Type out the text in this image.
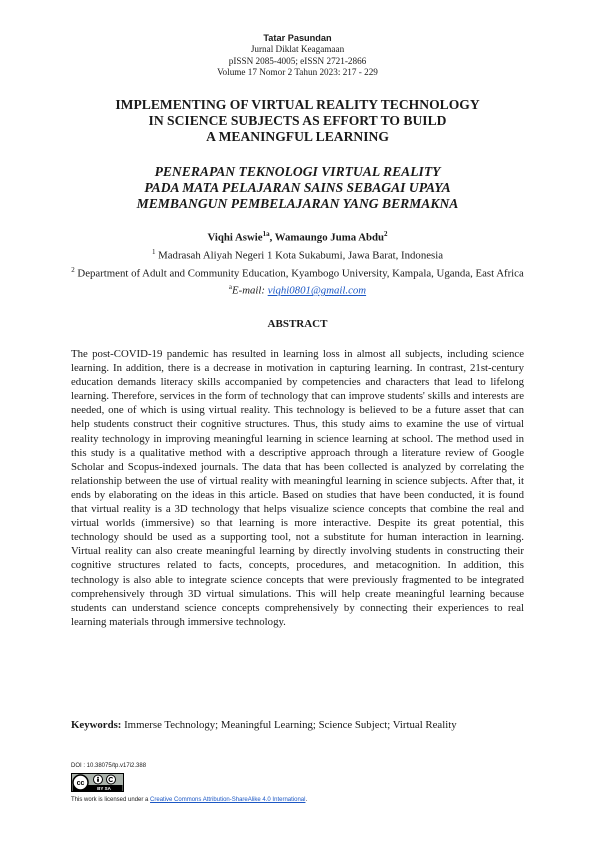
Tatar Pasundan
Jurnal Diklat Keagamaan
pISSN 2085-4005; eISSN 2721-2866
Volume 17 Nomor 2 Tahun 2023: 217 - 229
IMPLEMENTING OF VIRTUAL REALITY TECHNOLOGY
IN SCIENCE SUBJECTS AS EFFORT TO BUILD
A MEANINGFUL LEARNING
PENERAPAN TEKNOLOGI VIRTUAL REALITY
PADA MATA PELAJARAN SAINS SEBAGAI UPAYA
MEMBANGUN PEMBELAJARAN YANG BERMAKNA
Viqhi Aswie$^{1a}$, Wamaungo Juma Abdu$^2$
$^1$ Madrasah Aliyah Negeri 1 Kota Sukabumi, Jawa Barat, Indonesia
$^2$ Department of Adult and Community Education, Kyambogo University, Kampala, Uganda, East Africa
$^a$E-mail: viqhi0801@gmail.com
ABSTRACT

The post-COVID-19 pandemic has resulted in learning loss in almost all subjects, including science learning. In addition, there is a decrease in motivation in capturing learning. In contrast, 21st-century education demands literacy skills accompanied by competencies and characters that lead to lifelong learning. Therefore, services in the form of technology that can improve students' skills and interests are needed, one of which is using virtual reality. This technology is believed to be a future asset that can help students construct their cognitive structures. Thus, this study aims to examine the use of virtual reality technology in improving meaningful learning in science learning at school. The method used in this study is a qualitative method with a descriptive approach through a literature review of Google Scholar and Scopus-indexed journals. The data that has been collected is analyzed by correlating the relationship between the use of virtual reality with meaningful learning in science subjects. After that, it ends by elaborating on the ideas in this article. Based on studies that have been conducted, it is found that virtual reality is a 3D technology that helps visualize science concepts that combine the real and virtual worlds (immersive) so that learning is more interactive. Despite its great potential, this technology should be used as a supporting tool, not a substitute for human interaction in learning. Virtual reality can also create meaningful learning by directly involving students in constructing their cognitive structures related to facts, concepts, procedures, and metacognition. In addition, this technology is also able to integrate science concepts that were previously fragmented to be integrated comprehensively through 3D virtual simulations. This will help create meaningful learning because students can understand science concepts comprehensively by connecting their experiences to real learning materials through immersive technology.

Keywords: Immerse Technology; Meaningful Learning; Science Subject; Virtual Reality

DOI : 10.38075/tp.v17i2.388
cc
BY SA
This work is licensed under a Creative Commons Attribution-ShareAlike 4.0 International.
